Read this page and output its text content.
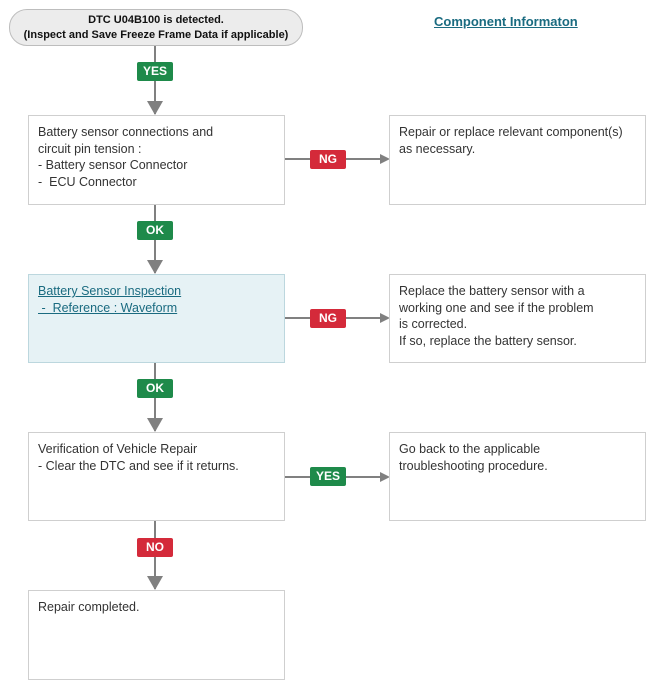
DTC U04B100 is detected.
(Inspect and Save Freeze Frame Data if applicable)
Component Informaton
YES
OK
OK
NO
NG
NG
YES
Battery sensor connections and
circuit pin tension :
- Battery sensor Connector
-  ECU Connector
Repair or replace relevant component(s)
as necessary.
Battery Sensor Inspection
-  Reference : Waveform
Replace the battery sensor with a
working one and see if the problem
is corrected.
If so, replace the battery sensor.
Verification of Vehicle Repair
- Clear the DTC and see if it returns.
Go back to the applicable
troubleshooting procedure.
Repair completed.
